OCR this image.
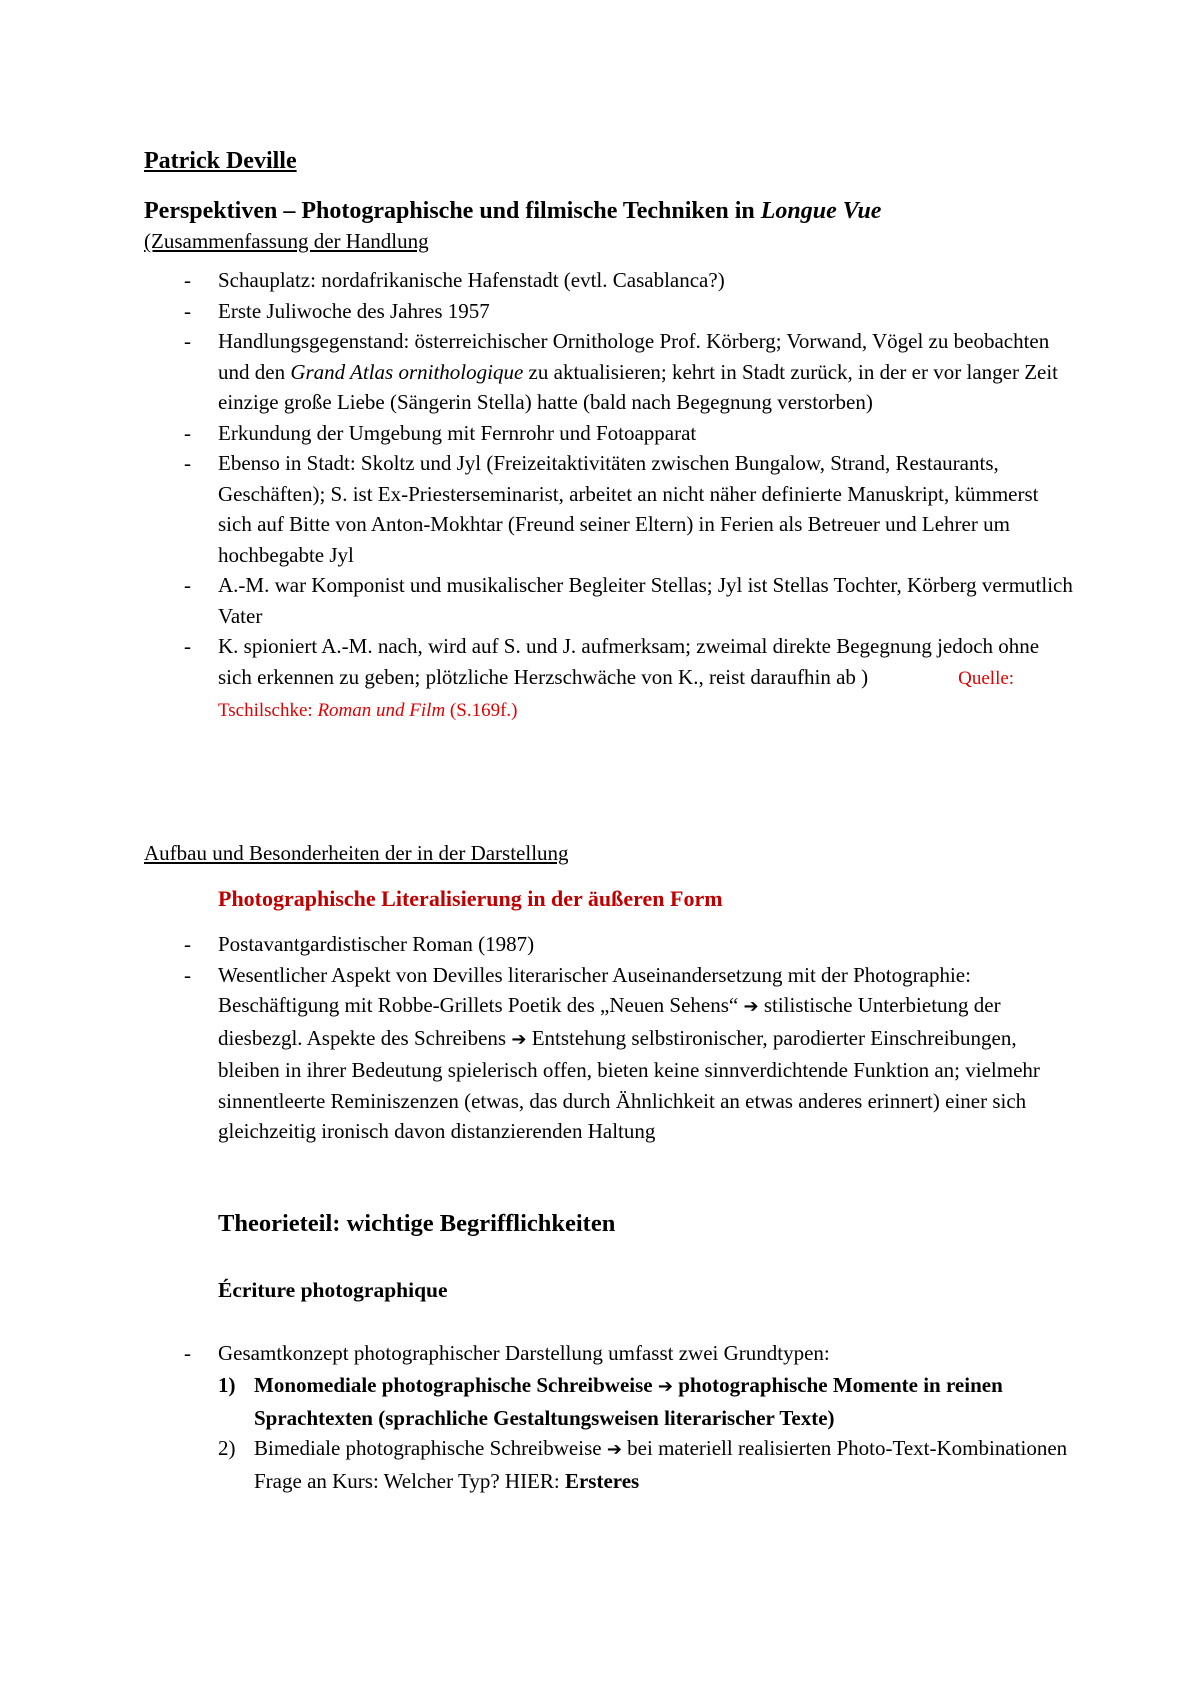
Patrick Deville

Perspektiven – Photographische und filmische Techniken in Longue Vue

(Zusammenfassung der Handlung

- Schauplatz: nordafrikanische Hafenstadt (evtl. Casablanca?)
- Erste Juliwoche des Jahres 1957
- Handlungsgegenstand: österreichischer Ornithologe Prof. Körberg; Vorwand, Vögel zu beobachten und den Grand Atlas ornithologique zu aktualisieren; kehrt in Stadt zurück, in der er vor langer Zeit einzige große Liebe (Sängerin Stella) hatte (bald nach Begegnung verstorben)
- Erkundung der Umgebung mit Fernrohr und Fotoapparat
- Ebenso in Stadt: Skoltz und Jyl (Freizeitaktivitäten zwischen Bungalow, Strand, Restaurants, Geschäften); S. ist Ex-Priesterseminarist, arbeitet an nicht näher definierte Manuskript, kümmerst sich auf Bitte von Anton-Mokhtar (Freund seiner Eltern) in Ferien als Betreuer und Lehrer um hochbegabte Jyl
- A.-M. war Komponist und musikalischer Begleiter Stellas; Jyl ist Stellas Tochter, Körberg vermutlich Vater
- K. spioniert A.-M. nach, wird auf S. und J. aufmerksam; zweimal direkte Begegnung jedoch ohne sich erkennen zu geben; plötzliche Herzschwäche von K., reist daraufhin ab )	Quelle: Tschilschke: Roman und Film (S.169f.)

Aufbau und Besonderheiten der in der Darstellung

Photographische Literalisierung in der äußeren Form

- Postavantgardistischer Roman (1987)
- Wesentlicher Aspekt von Devilles literarischer Auseinandersetzung mit der Photographie: Beschäftigung mit Robbe-Grillets Poetik des „Neuen Sehens“ ➔ stilistische Unterbietung der diesbezgl. Aspekte des Schreibens ➔ Entstehung selbstironischer, parodierter Einschreibungen, bleiben in ihrer Bedeutung spielerisch offen, bieten keine sinnverdichtende Funktion an; vielmehr sinnentleerte Reminiszenzen (etwas, das durch Ähnlichkeit an etwas anderes erinnert) einer sich gleichzeitig ironisch davon distanzierenden Haltung

Theorieteil: wichtige Begrifflichkeiten

Écriture photographique

- Gesamtkonzept photographischer Darstellung umfasst zwei Grundtypen:
1) Monomediale photographische Schreibweise ➔ photographische Momente in reinen Sprachtexten (sprachliche Gestaltungsweisen literarischer Texte)
2) Bimediale photographische Schreibweise ➔ bei materiell realisierten Photo-Text-Kombinationen
Frage an Kurs: Welcher Typ? HIER: Ersteres
